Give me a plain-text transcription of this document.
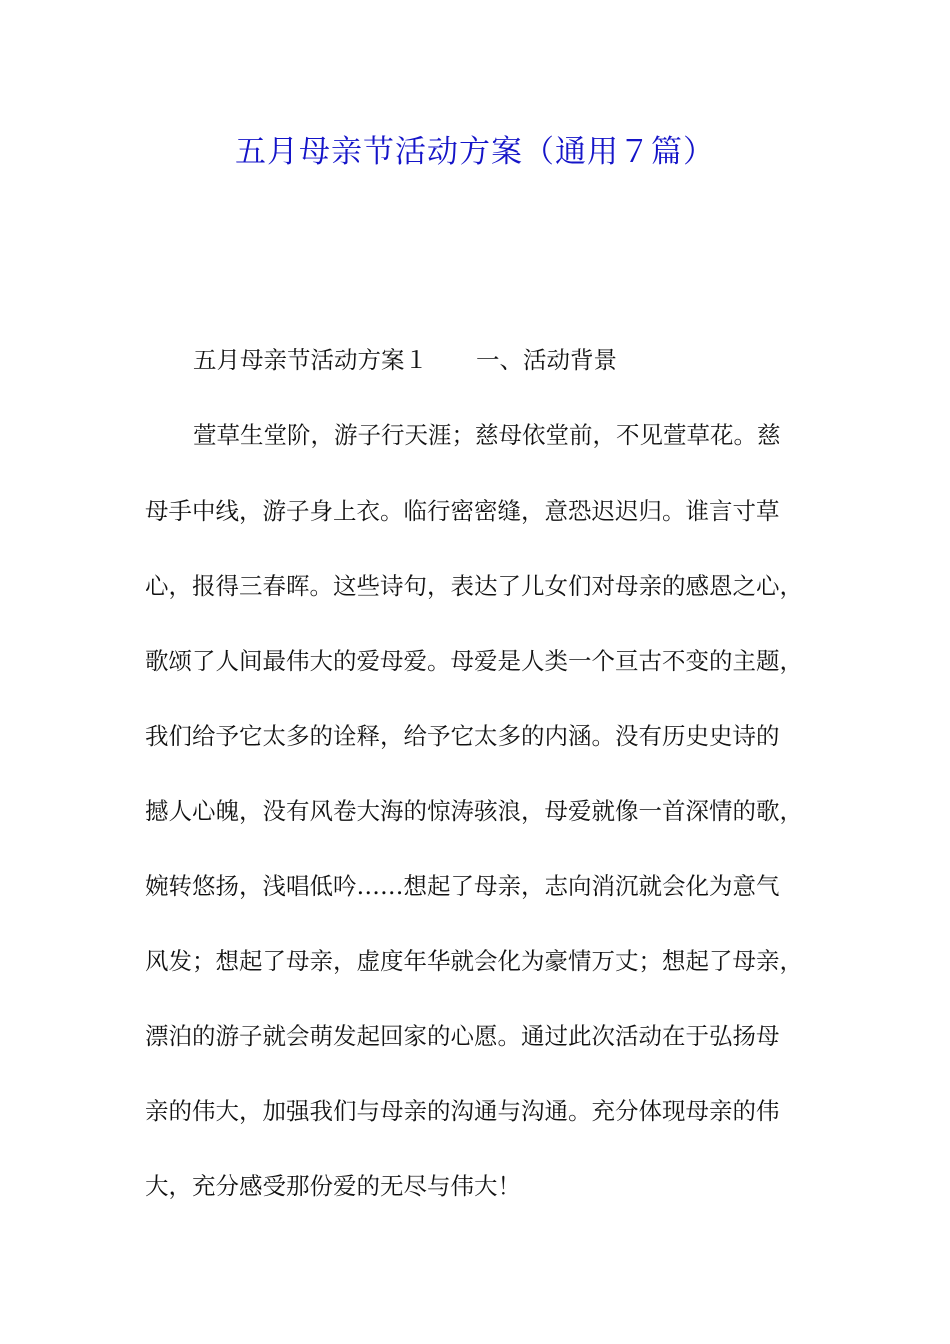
五月母亲节活动方案（通用７篇）
五月母亲节活动方案１ 一、活动背景
萱草生堂阶，游子行天涯；慈母依堂前，不见萱草花。慈
母手中线，游子身上衣。临行密密缝，意恐迟迟归。谁言寸草
心，报得三春晖。这些诗句，表达了儿女们对母亲的感恩之心，
歌颂了人间最伟大的爱母爱。母爱是人类一个亘古不变的主题，
我们给予它太多的诠释，给予它太多的内涵。没有历史史诗的
撼人心魄，没有风卷大海的惊涛骇浪，母爱就像一首深情的歌，
婉转悠扬，浅唱低吟……想起了母亲，志向消沉就会化为意气
风发；想起了母亲，虚度年华就会化为豪情万丈；想起了母亲，
漂泊的游子就会萌发起回家的心愿。通过此次活动在于弘扬母
亲的伟大，加强我们与母亲的沟通与沟通。充分体现母亲的伟
大，充分感受那份爱的无尽与伟大！
